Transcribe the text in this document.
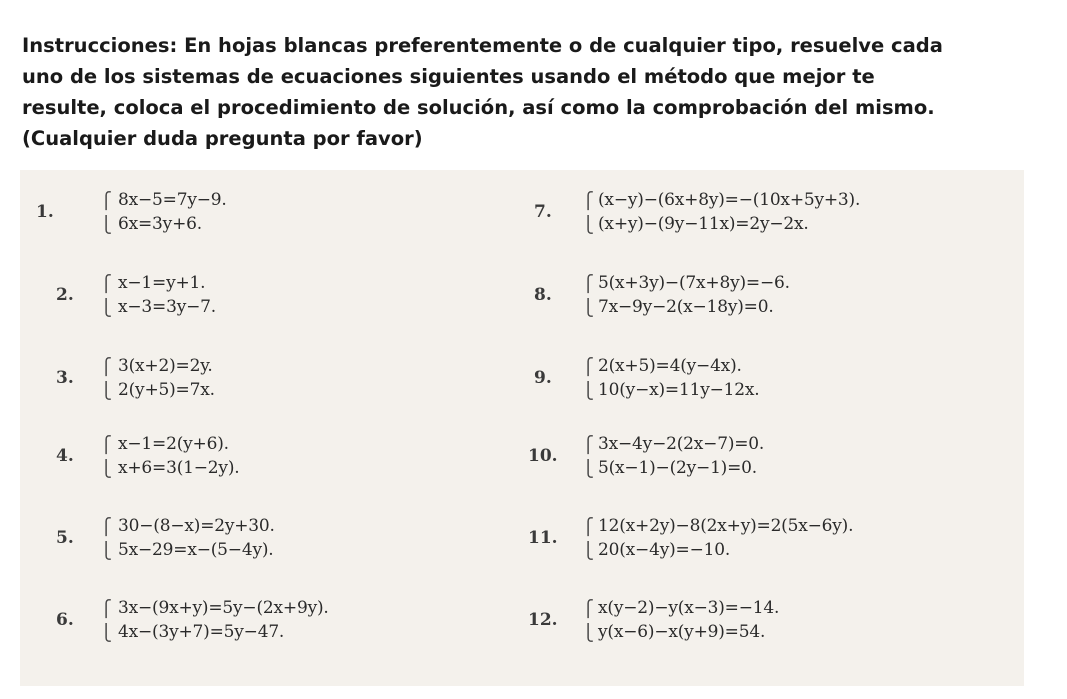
Instrucciones: En hojas blancas preferentemente o de cualquier tipo, resuelve cada
uno de los sistemas de ecuaciones siguientes usando el método que mejor te
resulte, coloca el procedimiento de solución, así como la comprobación del mismo.
(Cualquier duda pregunta por favor)
1.
⎧
⎩
8x−5=7y−9.
6x=3y+6.
2.
⎧
⎩
x−1=y+1.
x−3=3y−7.
3.
⎧
⎩
3(x+2)=2y.
2(y+5)=7x.
4.
⎧
⎩
x−1=2(y+6).
x+6=3(1−2y).
5.
⎧
⎩
30−(8−x)=2y+30.
5x−29=x−(5−4y).
6.
⎧
⎩
3x−(9x+y)=5y−(2x+9y).
4x−(3y+7)=5y−47.
7.
⎧
⎩
(x−y)−(6x+8y)=−(10x+5y+3).
(x+y)−(9y−11x)=2y−2x.
8.
⎧
⎩
5(x+3y)−(7x+8y)=−6.
7x−9y−2(x−18y)=0.
9.
⎧
⎩
2(x+5)=4(y−4x).
10(y−x)=11y−12x.
10.
⎧
⎩
3x−4y−2(2x−7)=0.
5(x−1)−(2y−1)=0.
11.
⎧
⎩
12(x+2y)−8(2x+y)=2(5x−6y).
20(x−4y)=−10.
12.
⎧
⎩
x(y−2)−y(x−3)=−14.
y(x−6)−x(y+9)=54.
